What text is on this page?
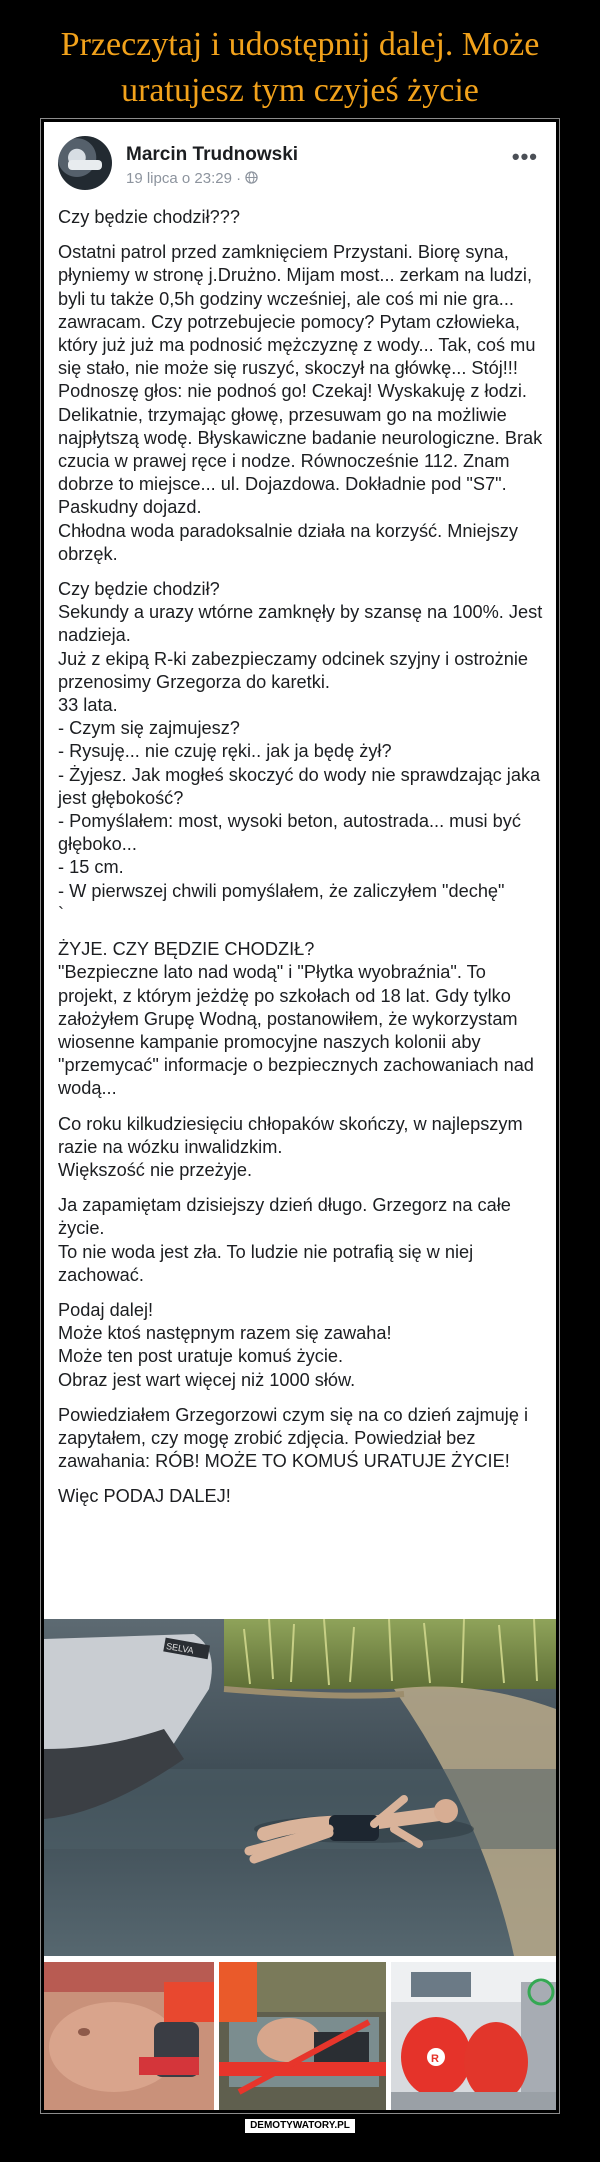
Przeczytaj i udostępnij dalej. Może
uratujesz tym czyjeś życie
Marcin Trudnowski
19 lipca o 23:29 ·
•••

Czy będzie chodził???

Ostatni patrol przed zamknięciem Przystani. Biorę syna, płyniemy w stronę j.Drużno. Mijam most... zerkam na ludzi, byli tu także 0,5h godziny wcześniej, ale coś mi nie gra... zawracam. Czy potrzebujecie pomocy? Pytam człowieka, który już już ma podnosić mężczyznę z wody... Tak, coś mu się stało, nie może się ruszyć, skoczył na główkę... Stój!!! Podnoszę głos: nie podnoś go! Czekaj! Wyskakuję z łodzi. Delikatnie, trzymając głowę, przesuwam go na możliwie najpłytszą wodę. Błyskawiczne badanie neurologiczne. Brak czucia w prawej ręce i nodze. Równocześnie 112. Znam dobrze to miejsce... ul. Dojazdowa. Dokładnie pod "S7". Paskudny dojazd.
Chłodna woda paradoksalnie działa na korzyść. Mniejszy obrzęk.

Czy będzie chodził?
Sekundy a urazy wtórne zamknęły by szansę na 100%. Jest nadzieja.
Już z ekipą R-ki zabezpieczamy odcinek szyjny i ostrożnie przenosimy Grzegorza do karetki.
33 lata.
- Czym się zajmujesz?
- Rysuję... nie czuję ręki.. jak ja będę żył?
- Żyjesz. Jak mogłeś skoczyć do wody nie sprawdzając jaka jest głębokość?
- Pomyślałem: most, wysoki beton, autostrada... musi być głęboko...
- 15 cm.
- W pierwszej chwili pomyślałem, że zaliczyłem "dechę"
`

ŻYJE. CZY BĘDZIE CHODZIŁ?
"Bezpieczne lato nad wodą" i "Płytka wyobraźnia". To projekt, z którym jeżdżę po szkołach od 18 lat. Gdy tylko założyłem Grupę Wodną, postanowiłem, że wykorzystam wiosenne kampanie promocyjne naszych kolonii aby "przemycać" informacje o bezpiecznych zachowaniach nad wodą...

Co roku kilkudziesięciu chłopaków skończy, w najlepszym razie na wózku inwalidzkim.
Większość nie przeżyje.

Ja zapamiętam dzisiejszy dzień długo. Grzegorz na całe życie.
To nie woda jest zła. To ludzie nie potrafią się w niej zachować.

Podaj dalej!
Może ktoś następnym razem się zawaha!
Może ten post uratuje komuś życie.
Obraz jest wart więcej niż 1000 słów.

Powiedziałem Grzegorzowi czym się na co dzień zajmuję i zapytałem, czy mogę zrobić zdjęcia. Powiedział bez zawahania: RÓB! MOŻE TO KOMUŚ URATUJE ŻYCIE!

Więc PODAJ DALEJ!

SELVA
R
DEMOTYWATORY.PL
